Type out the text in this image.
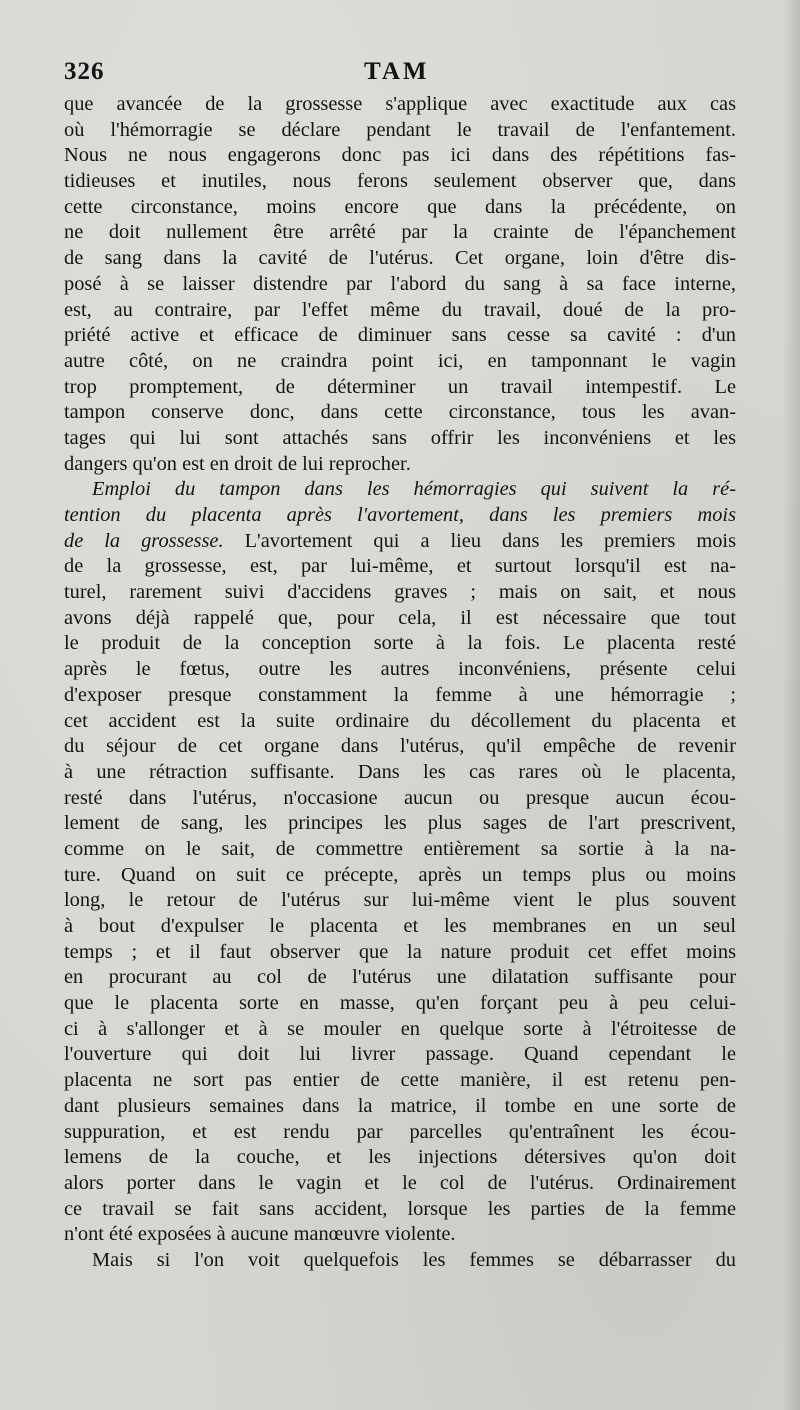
326	TAM
que avancée de la grossesse s'applique avec exactitude aux cas
où l'hémorragie se déclare pendant le travail de l'enfantement.
Nous ne nous engagerons donc pas ici dans des répétitions fas-
tidieuses et inutiles, nous ferons seulement observer que, dans
cette circonstance, moins encore que dans la précédente, on
ne doit nullement être arrêté par la crainte de l'épanchement
de sang dans la cavité de l'utérus. Cet organe, loin d'être dis-
posé à se laisser distendre par l'abord du sang à sa face interne,
est, au contraire, par l'effet même du travail, doué de la pro-
priété active et efficace de diminuer sans cesse sa cavité : d'un
autre côté, on ne craindra point ici, en tamponnant le vagin
trop promptement, de déterminer un travail intempestif. Le
tampon conserve donc, dans cette circonstance, tous les avan-
tages qui lui sont attachés sans offrir les inconvéniens et les
dangers qu'on est en droit de lui reprocher.
Emploi du tampon dans les hémorragies qui suivent la ré-
tention du placenta après l'avortement, dans les premiers mois
de la grossesse. L'avortement qui a lieu dans les premiers mois
de la grossesse, est, par lui-même, et surtout lorsqu'il est na-
turel, rarement suivi d'accidens graves ; mais on sait, et nous
avons déjà rappelé que, pour cela, il est nécessaire que tout
le produit de la conception sorte à la fois. Le placenta resté
après le fœtus, outre les autres inconvéniens, présente celui
d'exposer presque constamment la femme à une hémorragie ;
cet accident est la suite ordinaire du décollement du placenta et
du séjour de cet organe dans l'utérus, qu'il empêche de revenir
à une rétraction suffisante. Dans les cas rares où le placenta,
resté dans l'utérus, n'occasione aucun ou presque aucun écou-
lement de sang, les principes les plus sages de l'art prescrivent,
comme on le sait, de commettre entièrement sa sortie à la na-
ture. Quand on suit ce précepte, après un temps plus ou moins
long, le retour de l'utérus sur lui-même vient le plus souvent
à bout d'expulser le placenta et les membranes en un seul
temps ; et il faut observer que la nature produit cet effet moins
en procurant au col de l'utérus une dilatation suffisante pour
que le placenta sorte en masse, qu'en forçant peu à peu celui-
ci à s'allonger et à se mouler en quelque sorte à l'étroitesse de
l'ouverture qui doit lui livrer passage. Quand cependant le
placenta ne sort pas entier de cette manière, il est retenu pen-
dant plusieurs semaines dans la matrice, il tombe en une sorte de
suppuration, et est rendu par parcelles qu'entraînent les écou-
lemens de la couche, et les injections détersives qu'on doit
alors porter dans le vagin et le col de l'utérus. Ordinairement
ce travail se fait sans accident, lorsque les parties de la femme
n'ont été exposées à aucune manœuvre violente.
Mais si l'on voit quelquefois les femmes se débarrasser du
